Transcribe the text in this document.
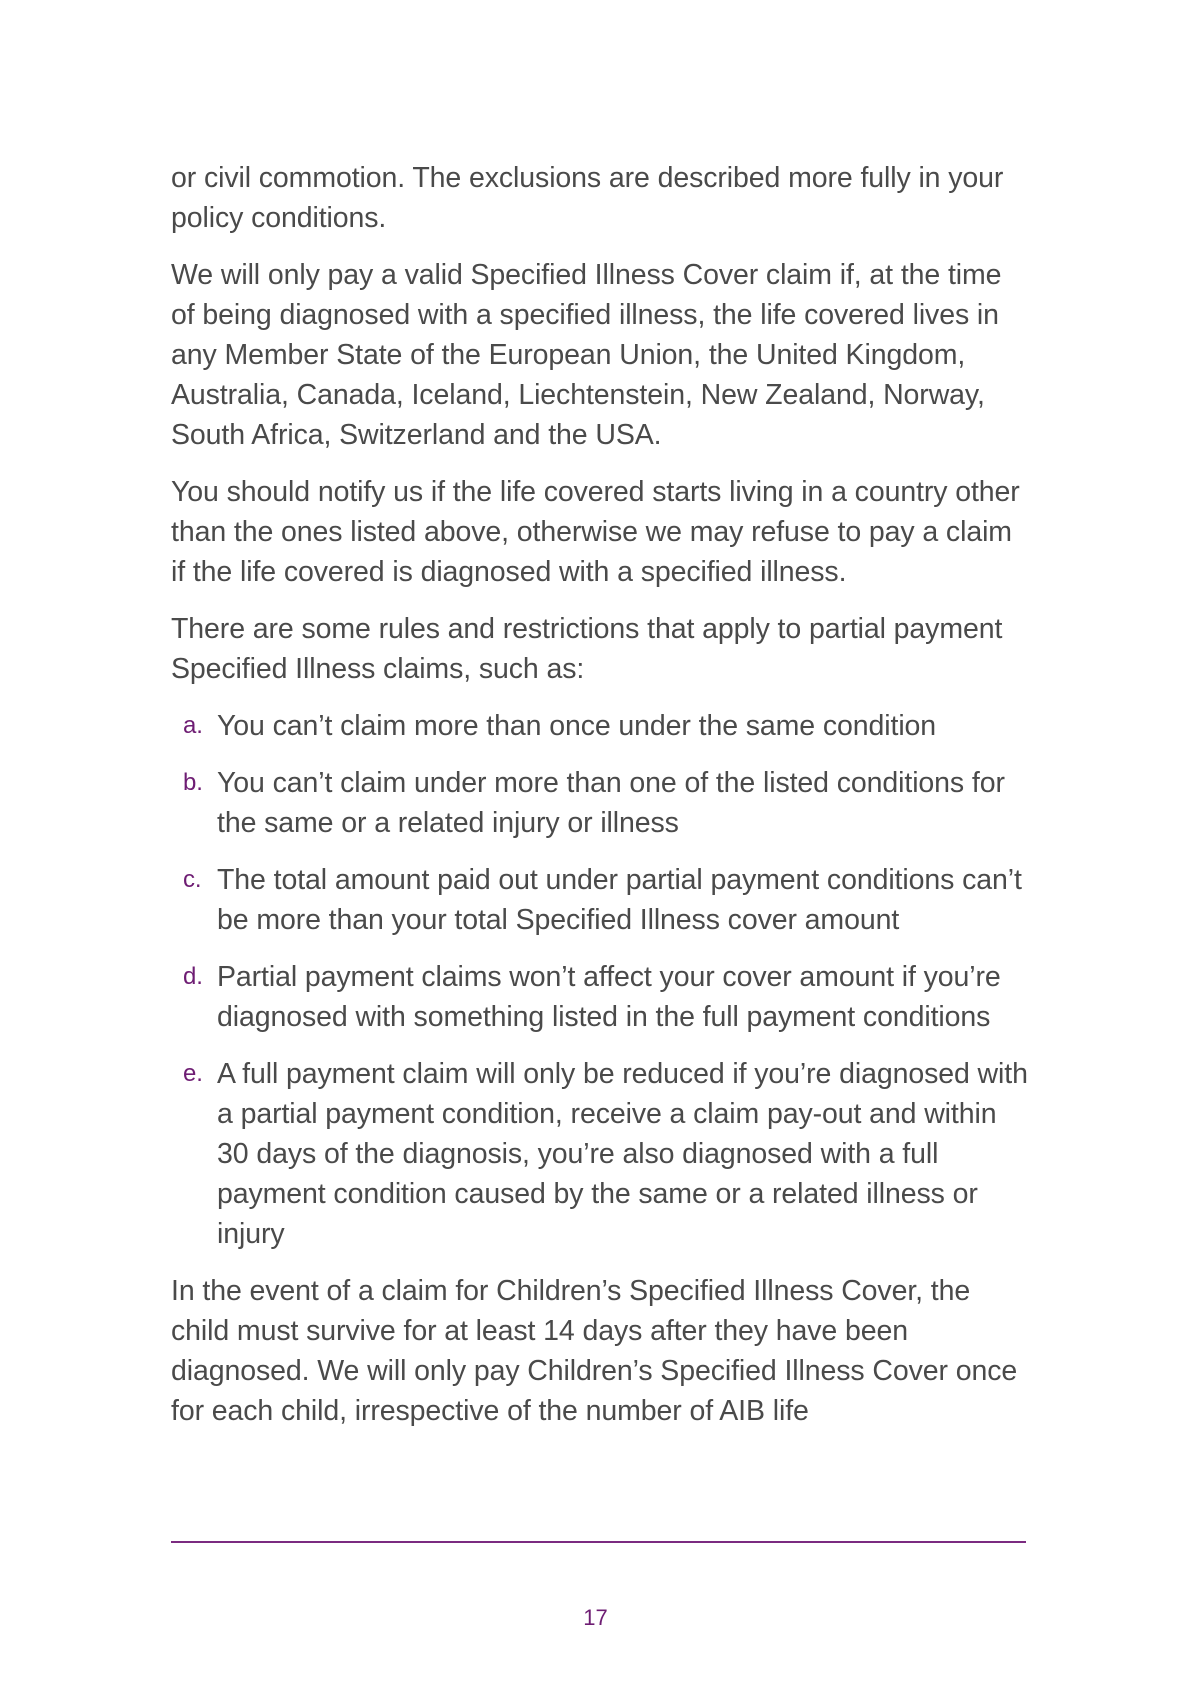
or civil commotion. The exclusions are described more fully in your policy conditions.

We will only pay a valid Specified Illness Cover claim if, at the time of being diagnosed with a specified illness, the life covered lives in any Member State of the European Union, the United Kingdom, Australia, Canada, Iceland, Liechtenstein, New Zealand, Norway, South Africa, Switzerland and the USA.

You should notify us if the life covered starts living in a country other than the ones listed above, otherwise we may refuse to pay a claim if the life covered is diagnosed with a specified illness.

There are some rules and restrictions that apply to partial payment Specified Illness claims, such as:

a. You can’t claim more than once under the same condition
b. You can’t claim under more than one of the listed conditions for the same or a related injury or illness
c. The total amount paid out under partial payment conditions can’t be more than your total Specified Illness cover amount
d. Partial payment claims won’t affect your cover amount if you’re diagnosed with something listed in the full payment conditions
e. A full payment claim will only be reduced if you’re diagnosed with a partial payment condition, receive a claim pay-out and within 30 days of the diagnosis, you’re also diagnosed with a full payment condition caused by the same or a related illness or injury

In the event of a claim for Children’s Specified Illness Cover, the child must survive for at least 14 days after they have been diagnosed. We will only pay Children’s Specified Illness Cover once for each child, irrespective of the number of AIB life

17
